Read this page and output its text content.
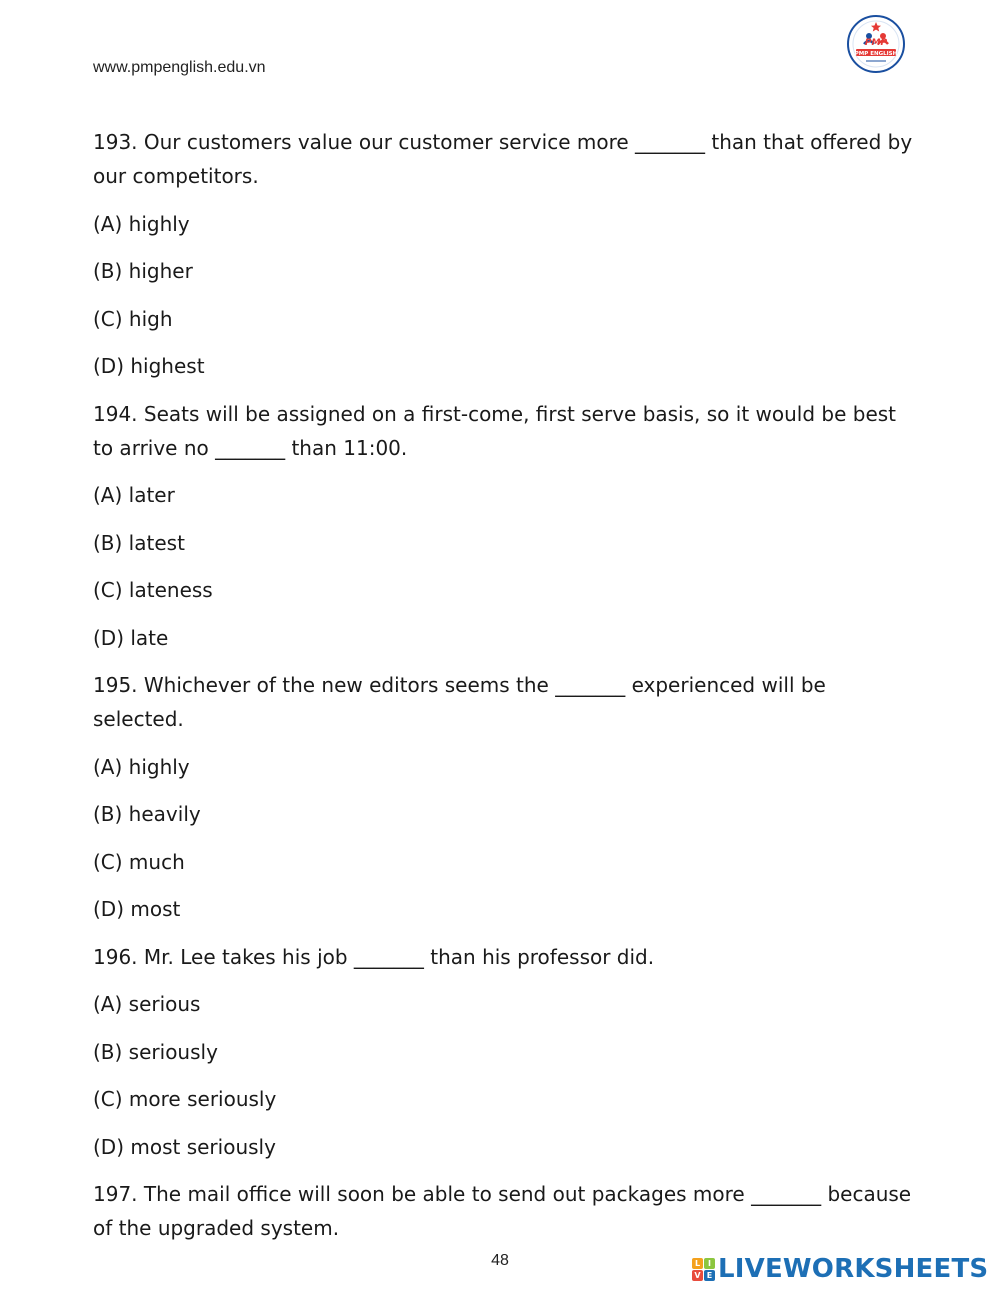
www.pmpenglish.edu.vn
PMP
PMP ENGLISH

193. Our customers value our customer service more _______ than that offered by our competitors.

(A) highly
(B) higher
(C) high
(D) highest

194. Seats will be assigned on a first-come, first serve basis, so it would be best to arrive no _______ than 11:00.

(A) later
(B) latest
(C) lateness
(D) late

195. Whichever of the new editors seems the _______ experienced will be selected.

(A) highly
(B) heavily
(C) much
(D) most

196. Mr. Lee takes his job _______ than his professor did.

(A) serious
(B) seriously
(C) more seriously
(D) most seriously

197. The mail office will soon be able to send out packages more _______ because of the upgraded system.

48	L I
V E LIVEWORKSHEETS
